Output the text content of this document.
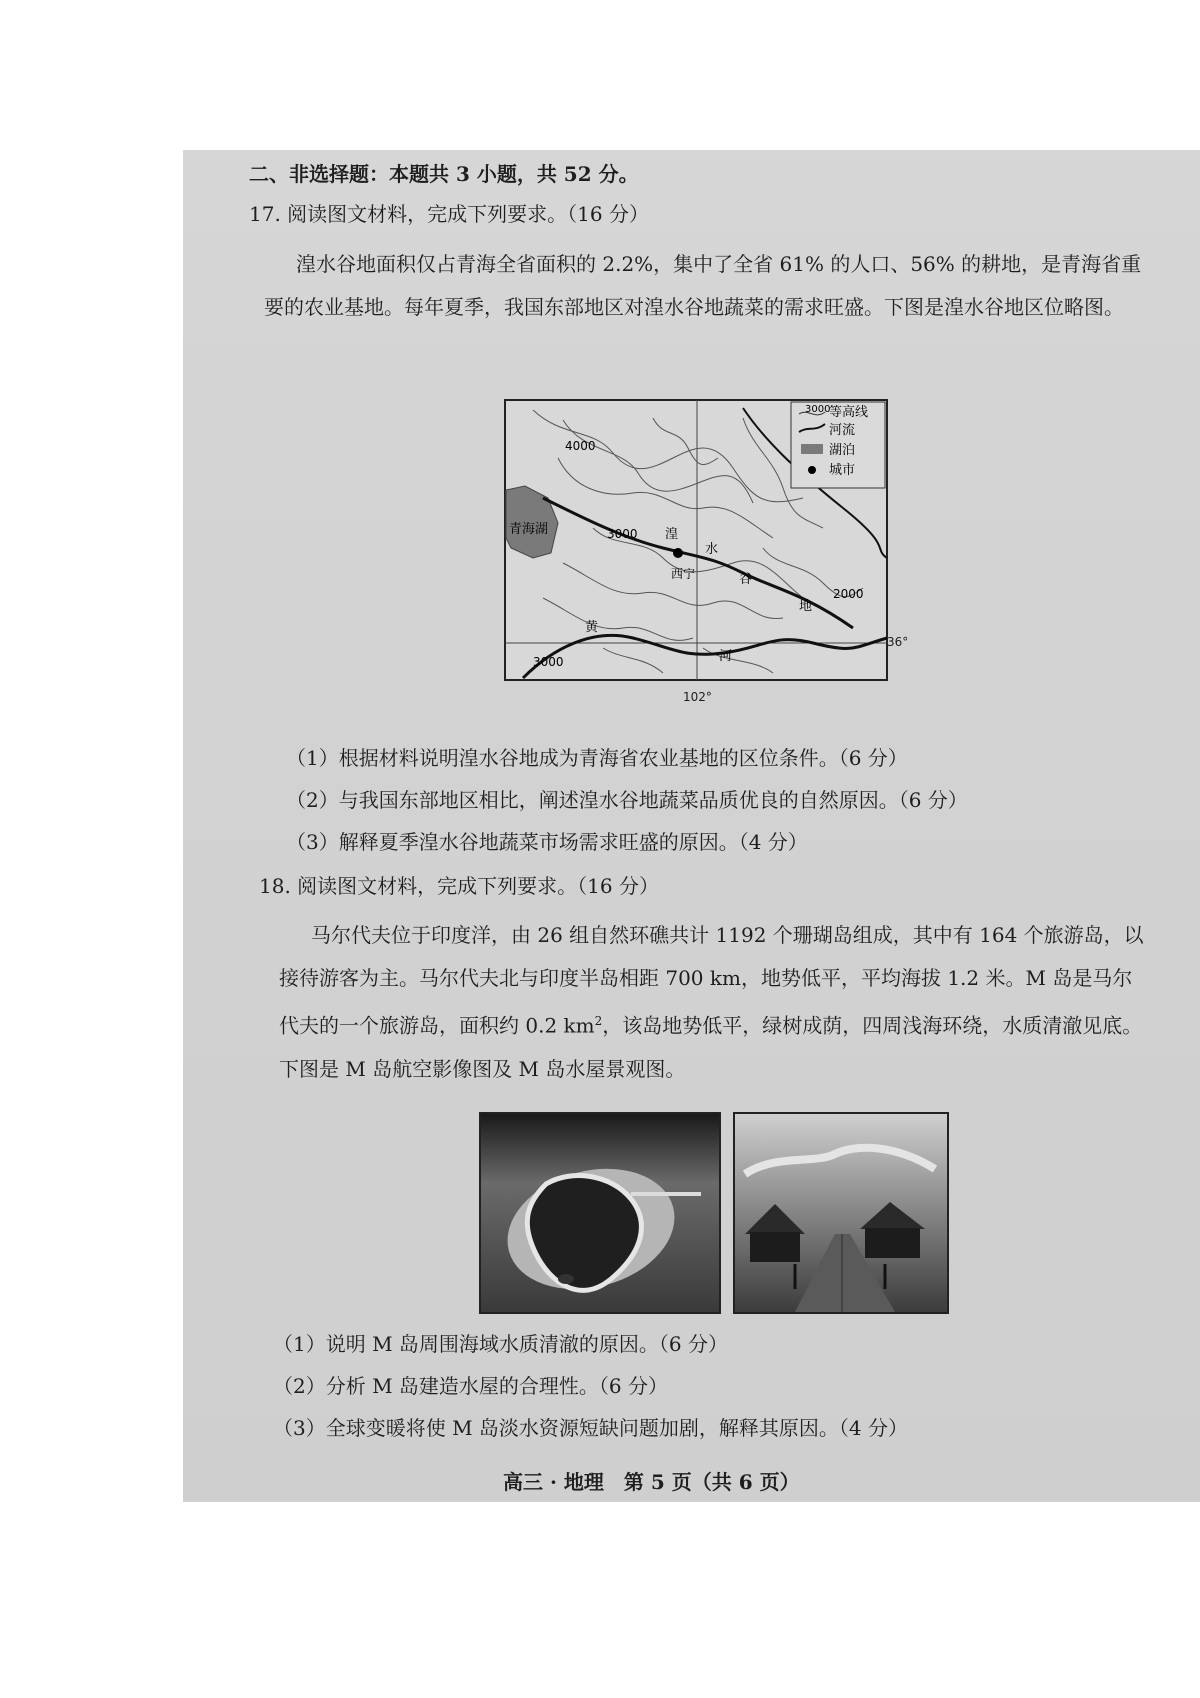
二、非选择题：本题共 3 小题，共 52 分。
17. 阅读图文材料，完成下列要求。（16 分）
湟水谷地面积仅占青海全省面积的 2.2%，集中了全省 61% 的人口、56% 的耕地，是青海省重要的农业基地。每年夏季，我国东部地区对湟水谷地蔬菜的需求旺盛。下图是湟水谷地区位略图。
3000
等高线
河流
湖泊
城市
青海湖
西宁
湟
水
谷
地
黄
河
4000
3000
2000
3000
36°
102°
（1）根据材料说明湟水谷地成为青海省农业基地的区位条件。（6 分）
（2）与我国东部地区相比，阐述湟水谷地蔬菜品质优良的自然原因。（6 分）
（3）解释夏季湟水谷地蔬菜市场需求旺盛的原因。（4 分）
18. 阅读图文材料，完成下列要求。（16 分）
马尔代夫位于印度洋，由 26 组自然环礁共计 1192 个珊瑚岛组成，其中有 164 个旅游岛，以接待游客为主。马尔代夫北与印度半岛相距 700 km，地势低平，平均海拔 1.2 米。M 岛是马尔代夫的一个旅游岛，面积约 0.2 $km^2$，该岛地势低平，绿树成荫，四周浅海环绕，水质清澈见底。下图是 M 岛航空影像图及 M 岛水屋景观图。
（1）说明 M 岛周围海域水质清澈的原因。（6 分）
（2）分析 M 岛建造水屋的合理性。（6 分）
（3）全球变暖将使 M 岛淡水资源短缺问题加剧，解释其原因。（4 分）
高三 · 地理　第 5 页（共 6 页）
